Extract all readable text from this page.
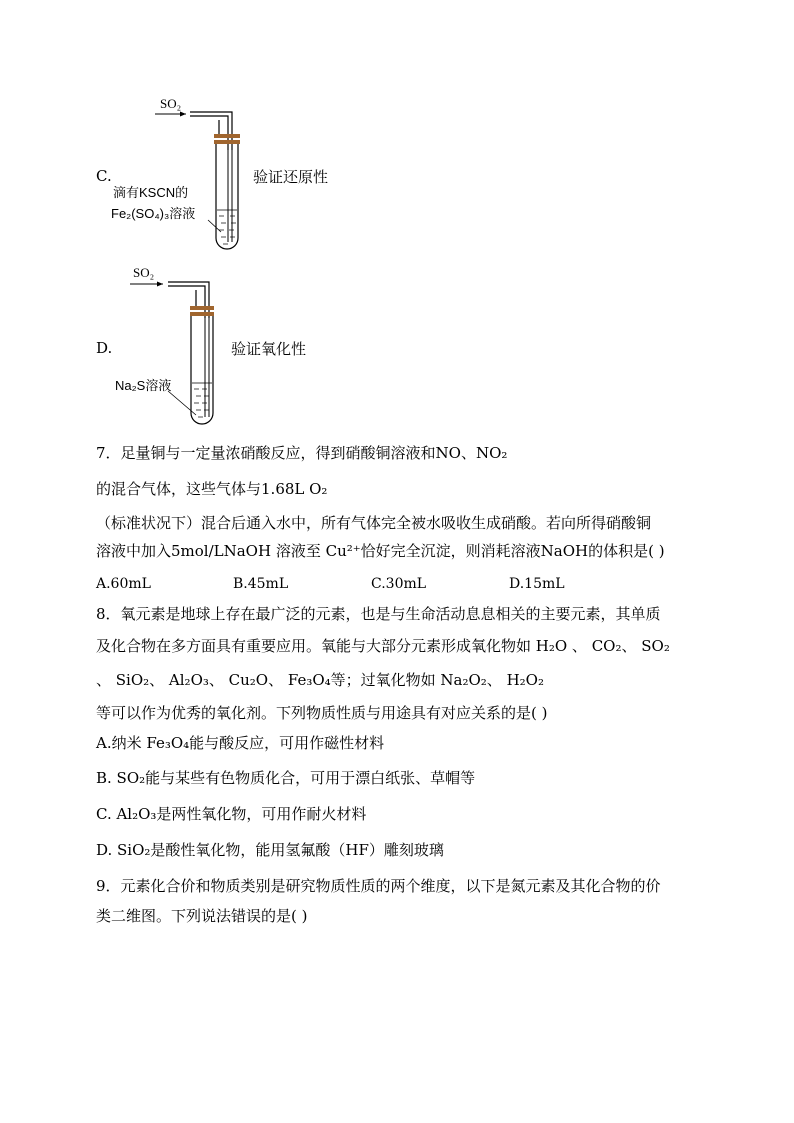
C.
SO₂
滴有KSCN的
Fe₂(SO₄)₃溶液
验证还原性
D.
SO₂
Na₂S溶液
验证氧化性
7．足量铜与一定量浓硝酸反应，得到硝酸铜溶液和NO、NO₂
的混合气体，这些气体与1.68L O₂
（标准状况下）混合后通入水中，所有气体完全被水吸收生成硝酸。若向所得硝酸铜
溶液中加入5mol/LNaOH 溶液至 Cu²⁺恰好完全沉淀，则消耗溶液NaOH的体积是( )
A.60mL	B.45mL	C.30mL	D.15mL
8．氧元素是地球上存在最广泛的元素，也是与生命活动息息相关的主要元素，其单质
及化合物在多方面具有重要应用。氧能与大部分元素形成氧化物如 H₂O 、 CO₂、 SO₂
、 SiO₂、 Al₂O₃、 Cu₂O、 Fe₃O₄等；过氧化物如 Na₂O₂、 H₂O₂
等可以作为优秀的氧化剂。下列物质性质与用途具有对应关系的是( )
A.纳米 Fe₃O₄能与酸反应，可用作磁性材料
B. SO₂能与某些有色物质化合，可用于漂白纸张、草帽等
C. Al₂O₃是两性氧化物，可用作耐火材料
D. SiO₂是酸性氧化物，能用氢氟酸（HF）雕刻玻璃
9．元素化合价和物质类别是研究物质性质的两个维度，以下是氮元素及其化合物的价
类二维图。下列说法错误的是( )
